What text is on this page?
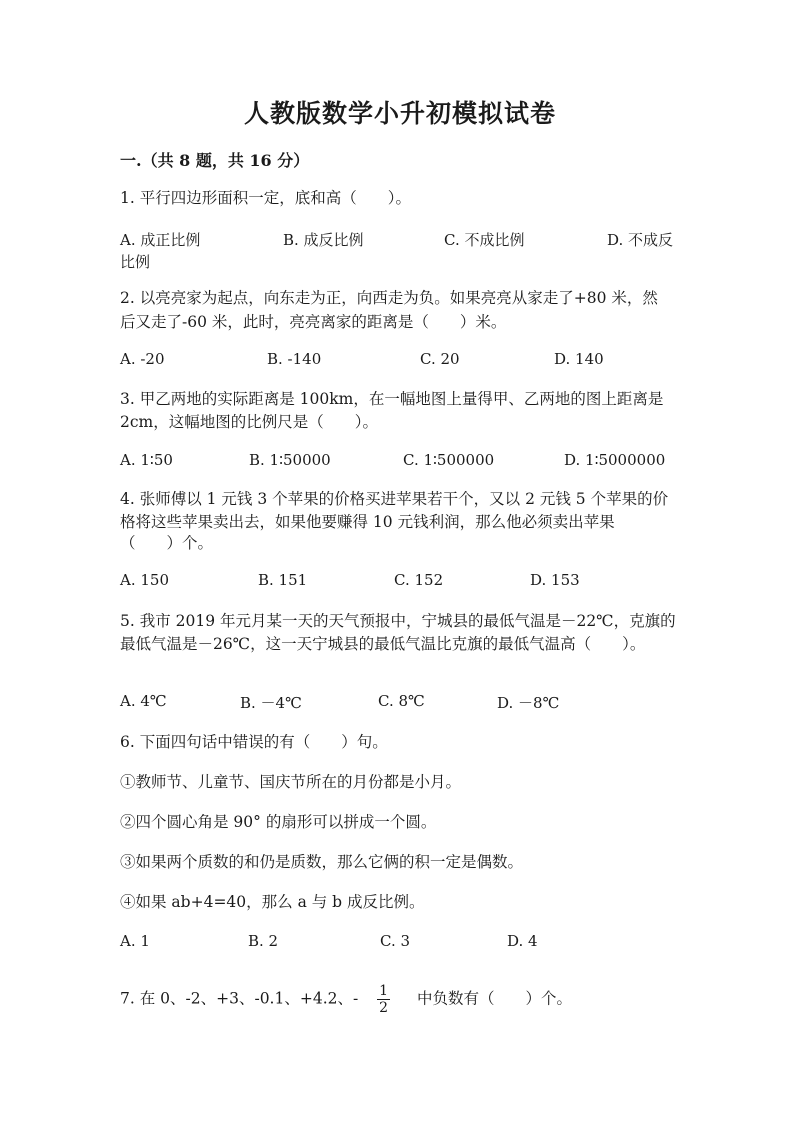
人教版数学小升初模拟试卷
一.（共 8 题，共 16 分）
1. 平行四边形面积一定，底和高（　　）。
A. 成正比例	B. 成反比例	C. 不成比例	D. 不成反
比例
2. 以亮亮家为起点，向东走为正，向西走为负。如果亮亮从家走了+80 米，然
后又走了-60 米，此时，亮亮离家的距离是（　　）米。
A. -20	B. -140	C. 20	D. 140
3. 甲乙两地的实际距离是 100km，在一幅地图上量得甲、乙两地的图上距离是
2cm，这幅地图的比例尺是（　　）。
A. 1∶50	B. 1∶50000	C. 1∶500000	D. 1∶5000000
4. 张师傅以 1 元钱 3 个苹果的价格买进苹果若干个，又以 2 元钱 5 个苹果的价
格将这些苹果卖出去，如果他要赚得 10 元钱利润，那么他必须卖出苹果
（　　）个。
A. 150	B. 151	C. 152	D. 153
5. 我市 2019 年元月某一天的天气预报中，宁城县的最低气温是－22℃，克旗的
最低气温是－26℃，这一天宁城县的最低气温比克旗的最低气温高（　　）。
A. 4℃	B. －4℃	C. 8℃	D. －8℃
6. 下面四句话中错误的有（　　）句。
①教师节、儿童节、国庆节所在的月份都是小月。
②四个圆心角是 90° 的扇形可以拼成一个圆。
③如果两个质数的和仍是质数，那么它俩的积一定是偶数。
④如果 ab+4=40，那么 a 与 b 成反比例。
A. 1	B. 2	C. 3	D. 4
7. 在 0、-2、+3、-0.1、+4.2、- $\frac{1}{2}$ 中负数有（　　）个。
